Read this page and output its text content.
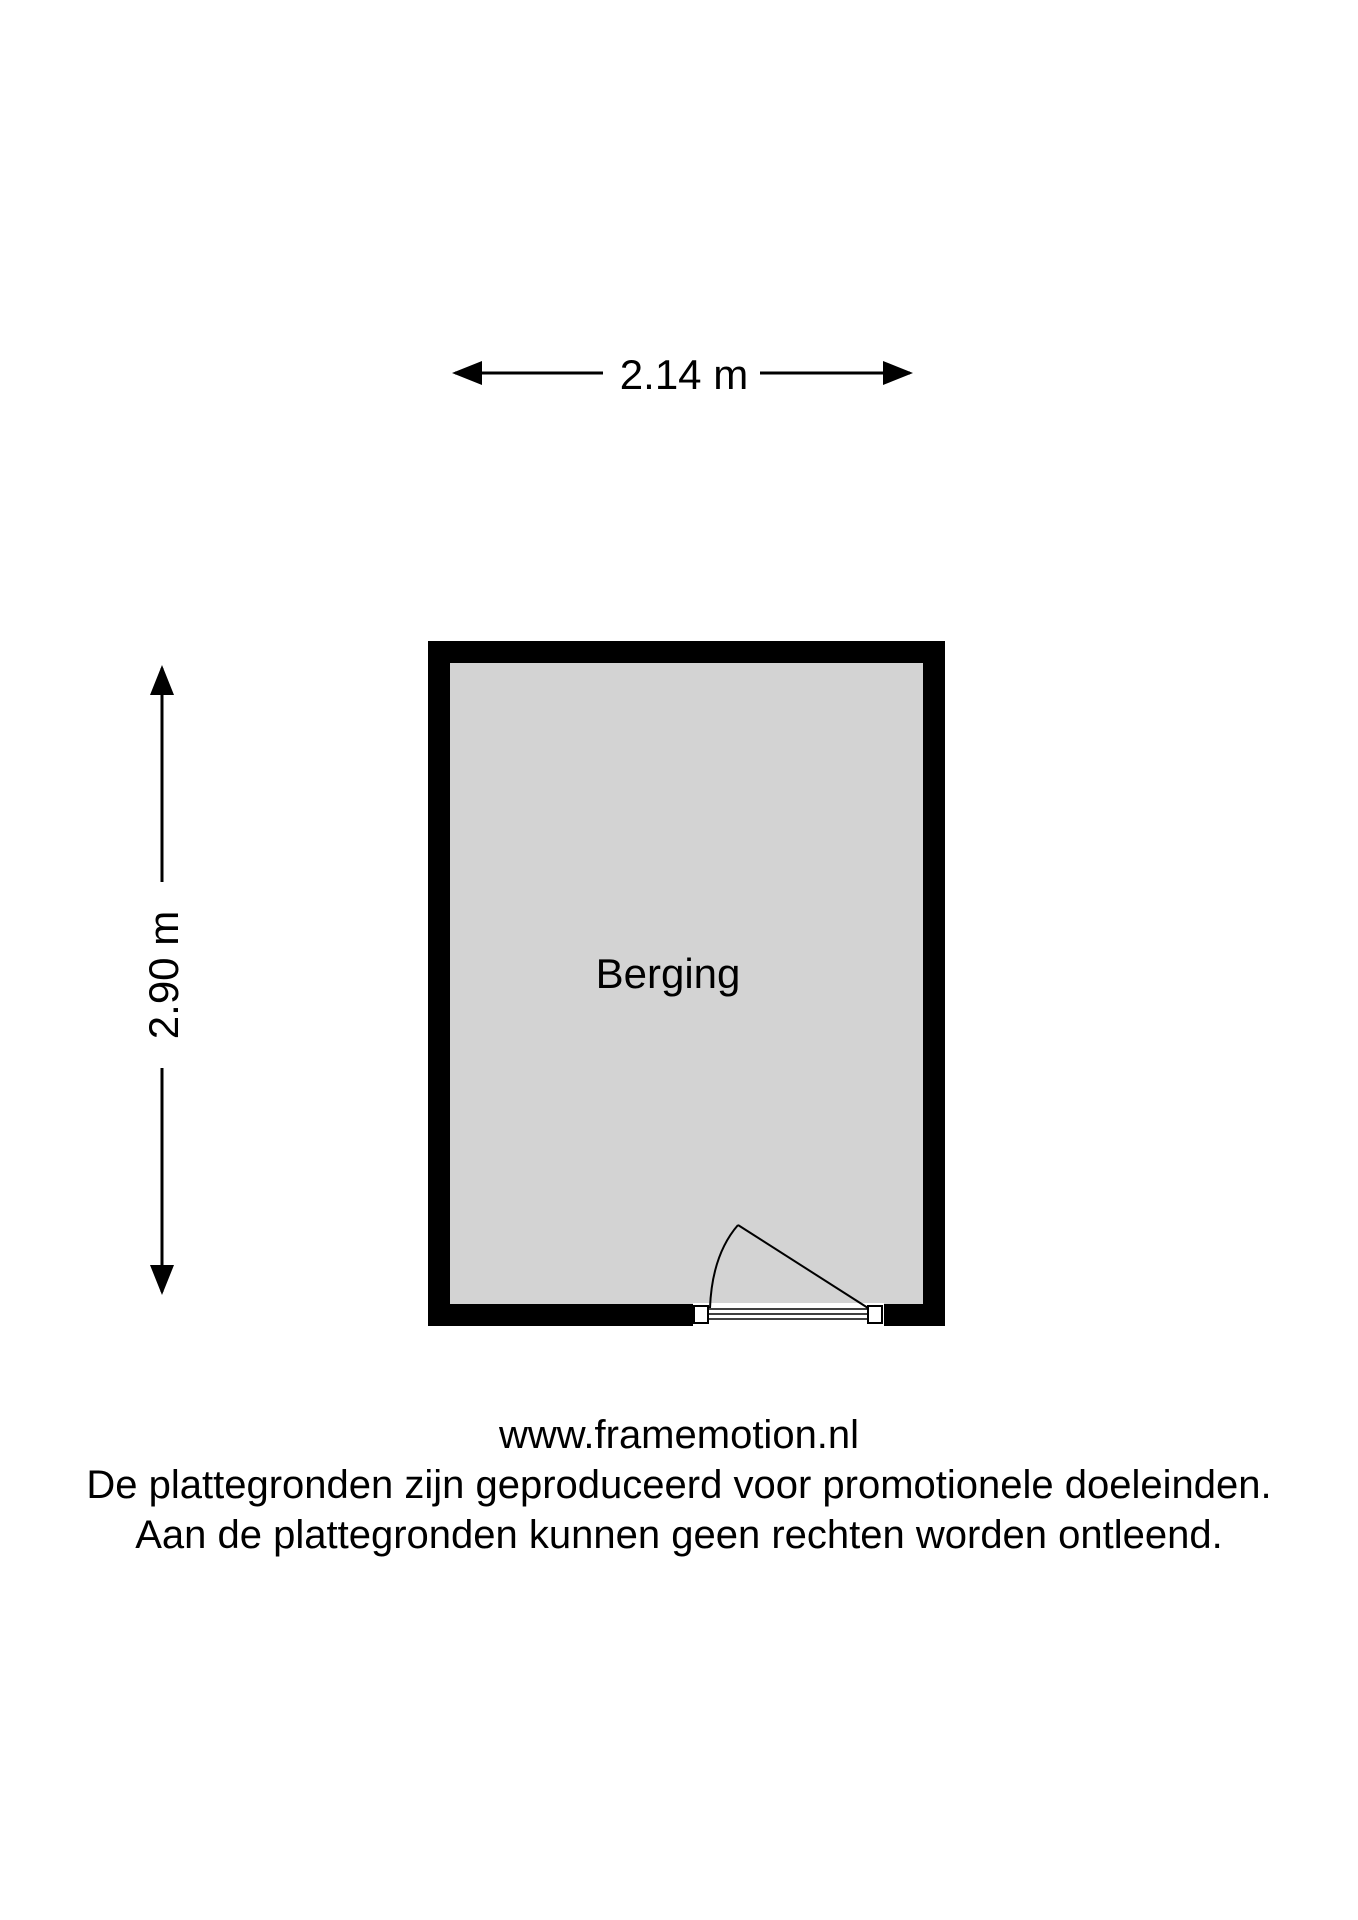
2.14 m
2.90 m	Berging
www.framemotion.nl
De plattegronden zijn geproduceerd voor promotionele doeleinden.
Aan de plattegronden kunnen geen rechten worden ontleend.
